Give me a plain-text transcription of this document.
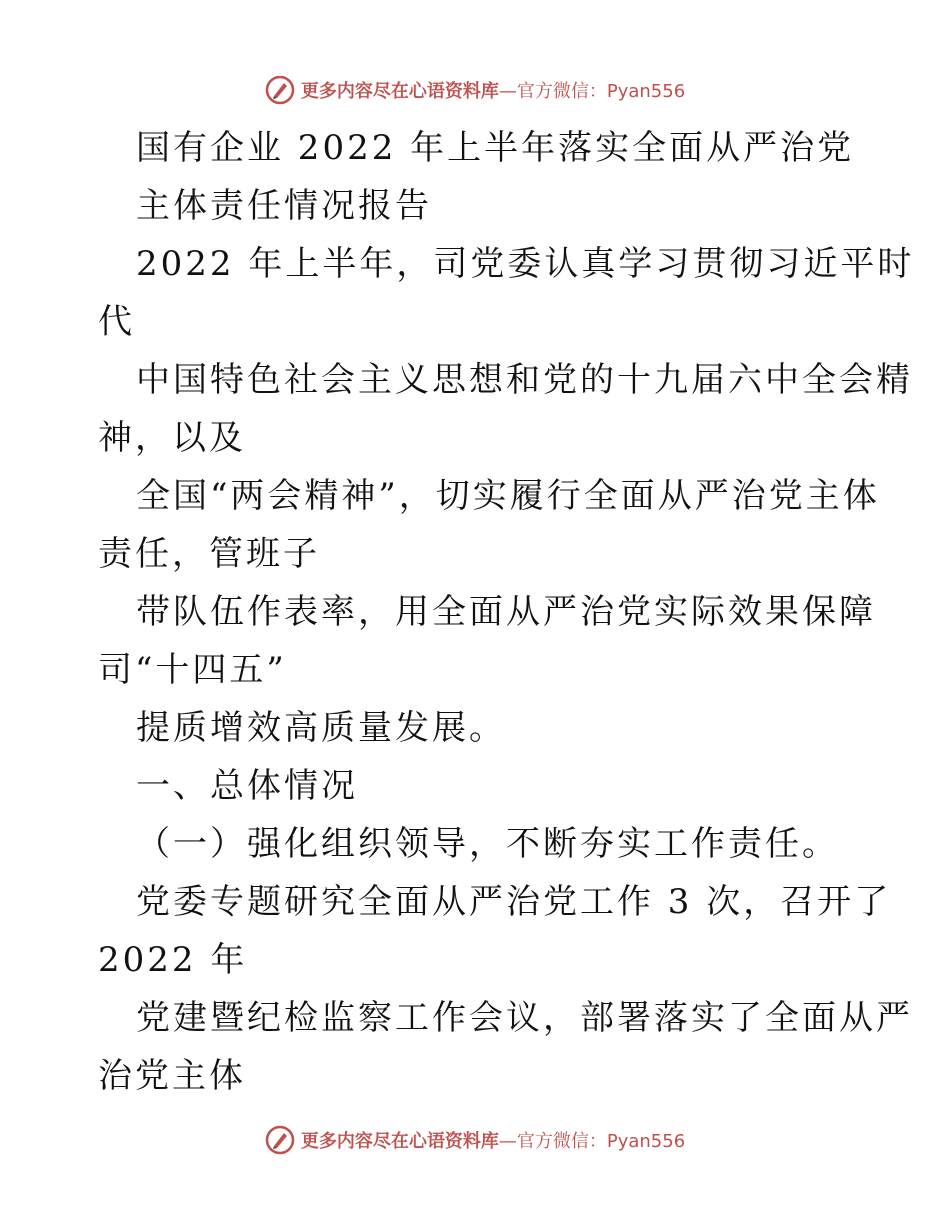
更多内容尽在心语资料库 —官方微信：Pyan556
国有企业 2022 年上半年落实全面从严治党
主体责任情况报告
2022 年上半年，司党委认真学习贯彻习近平时
代
中国特色社会主义思想和党的十九届六中全会精
神，以及
全国“两会精神”，切实履行全面从严治党主体
责任，管班子
带队伍作表率，用全面从严治党实际效果保障
司“十四五”
提质增效高质量发展。
一、总体情况
（一）强化组织领导，不断夯实工作责任。
党委专题研究全面从严治党工作 3 次，召开了
2022 年
党建暨纪检监察工作会议，部署落实了全面从严
治党主体
更多内容尽在心语资料库 —官方微信：Pyan556
